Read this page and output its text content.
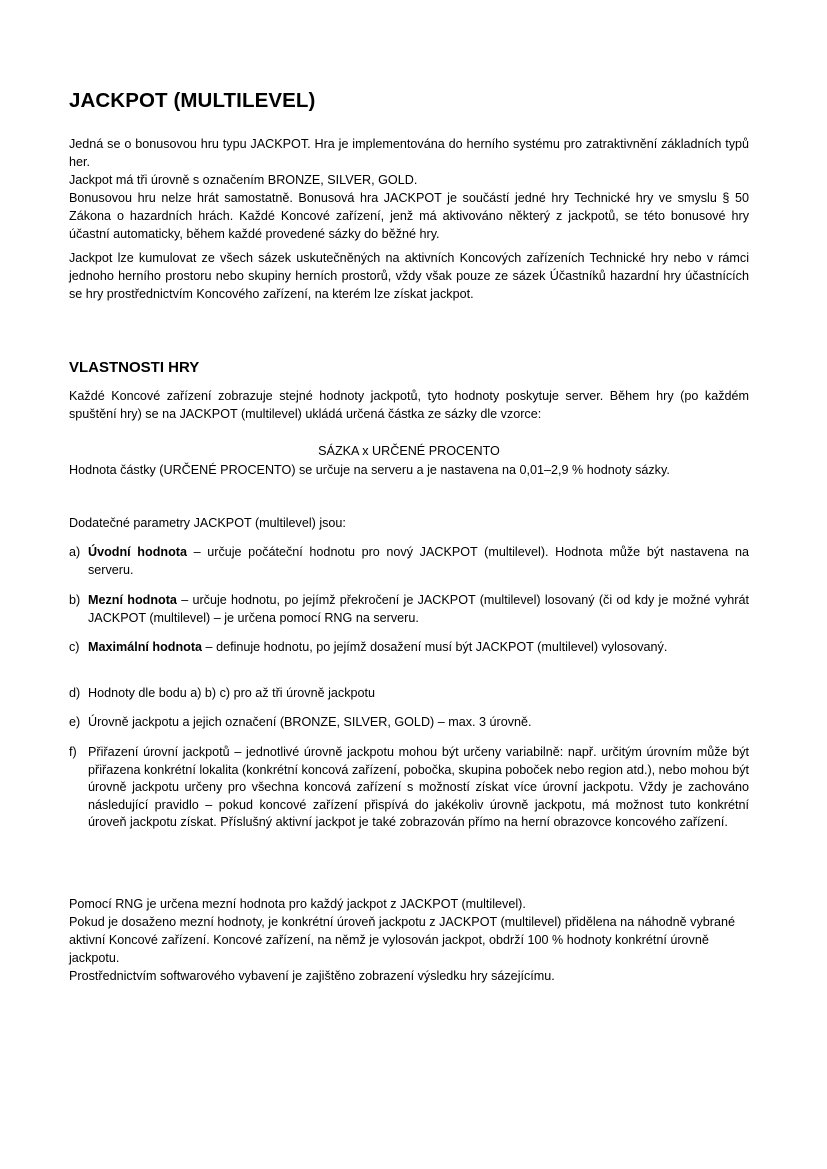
JACKPOT (MULTILEVEL)

Jedná se o bonusovou hru typu JACKPOT. Hra je implementována do herního systému pro zatraktivnění základních typů her.

Jackpot má tři úrovně s označením BRONZE, SILVER, GOLD.

Bonusovou hru nelze hrát samostatně. Bonusová hra JACKPOT je součástí jedné hry Technické hry ve smyslu § 50 Zákona o hazardních hrách. Každé Koncové zařízení, jenž má aktivováno některý z jackpotů, se této bonusové hry účastní automaticky, během každé provedené sázky do běžné hry.

Jackpot lze kumulovat ze všech sázek uskutečněných na aktivních Koncových zařízeních Technické hry nebo v rámci jednoho herního prostoru nebo skupiny herních prostorů, vždy však pouze ze sázek Účastníků hazardní hry účastnících se hry prostřednictvím Koncového zařízení, na kterém lze získat jackpot.

VLASTNOSTI HRY

Každé Koncové zařízení zobrazuje stejné hodnoty jackpotů, tyto hodnoty poskytuje server. Během hry (po každém spuštění hry) se na JACKPOT (multilevel) ukládá určená částka ze sázky dle vzorce:

SÁZKA x URČENÉ PROCENTO

Hodnota částky (URČENÉ PROCENTO) se určuje na serveru a je nastavena na 0,01–2,9 % hodnoty sázky.

Dodatečné parametry JACKPOT (multilevel) jsou:

a) Úvodní hodnota – určuje počáteční hodnotu pro nový JACKPOT (multilevel). Hodnota může být nastavena na serveru.
b) Mezní hodnota – určuje hodnotu, po jejímž překročení je JACKPOT (multilevel) losovaný (či od kdy je možné vyhrát JACKPOT (multilevel) – je určena pomocí RNG na serveru.
c) Maximální hodnota – definuje hodnotu, po jejímž dosažení musí být JACKPOT (multilevel) vylosovaný.
d) Hodnoty dle bodu a) b) c) pro až tři úrovně jackpotu
e) Úrovně jackpotu a jejich označení (BRONZE, SILVER, GOLD) – max. 3 úrovně.
f) Přiřazení úrovní jackpotů – jednotlivé úrovně jackpotu mohou být určeny variabilně: např. určitým úrovním může být přiřazena konkrétní lokalita (konkrétní koncová zařízení, pobočka, skupina poboček nebo region atd.), nebo mohou být úrovně jackpotu určeny pro všechna koncová zařízení s možností získat více úrovní jackpotu. Vždy je zachováno následující pravidlo – pokud koncové zařízení přispívá do jakékoliv úrovně jackpotu, má možnost tuto konkrétní úroveň jackpotu získat. Příslušný aktivní jackpot je také zobrazován přímo na herní obrazovce koncového zařízení.

Pomocí RNG je určena mezní hodnota pro každý jackpot z JACKPOT (multilevel).

Pokud je dosaženo mezní hodnoty, je konkrétní úroveň jackpotu z JACKPOT (multilevel) přidělena na náhodně vybrané aktivní Koncové zařízení. Koncové zařízení, na němž je vylosován jackpot, obdrží 100 % hodnoty konkrétní úrovně jackpotu.

Prostřednictvím softwarového vybavení je zajištěno zobrazení výsledku hry sázejícímu.
